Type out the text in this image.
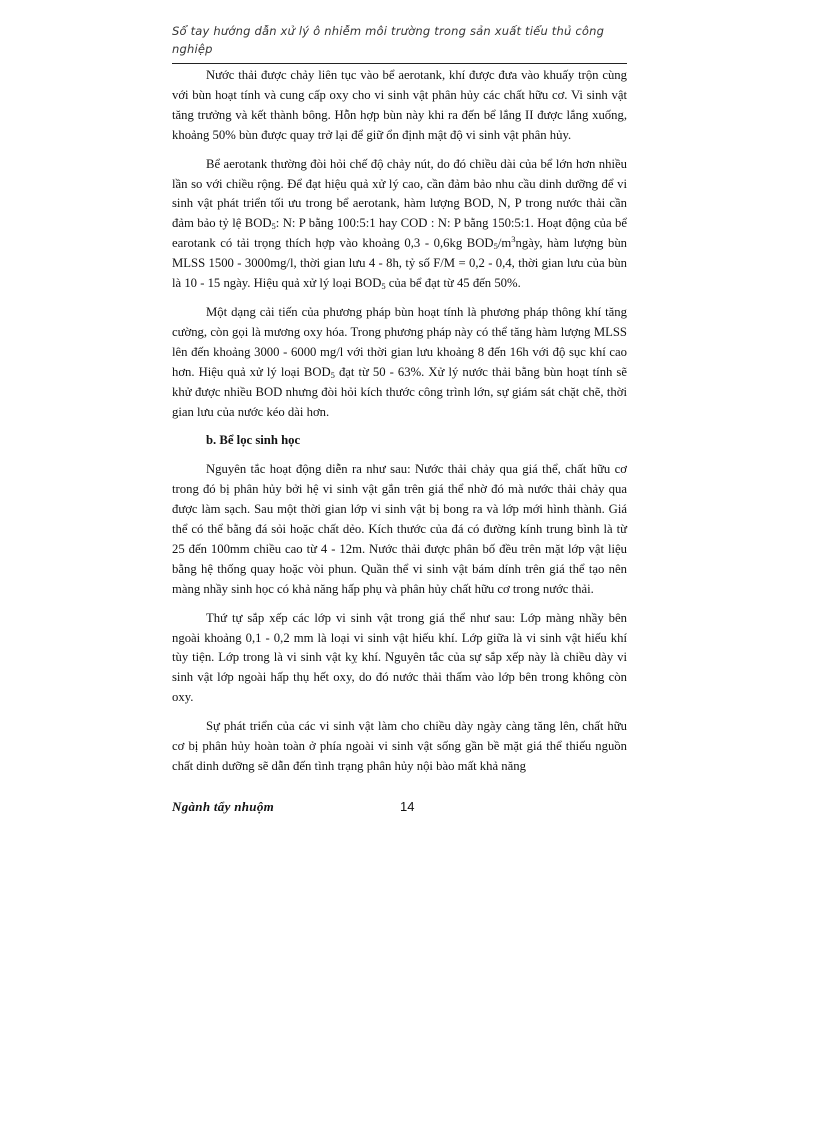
Sổ tay hướng dẫn xử lý ô nhiễm môi trường trong sản xuất tiểu thủ công nghiệp

Nước thải được chảy liên tục vào bể aerotank, khí được đưa vào khuấy trộn cùng với bùn hoạt tính và cung cấp oxy cho vi sinh vật phân hủy các chất hữu cơ. Vi sinh vật tăng trưởng và kết thành bông. Hỗn hợp bùn này khi ra đến bể lắng II được lắng xuống, khoảng 50% bùn được quay trở lại để giữ ổn định mật độ vi sinh vật phân hủy.

Bể aerotank thường đòi hỏi chế độ chảy nút, do đó chiều dài của bể lớn hơn nhiều lần so với chiều rộng. Để đạt hiệu quả xử lý cao, cần đảm bảo nhu cầu dinh dưỡng để vi sinh vật phát triển tối ưu trong bể aerotank, hàm lượng BOD, N, P trong nước thải cần đảm bảo tỷ lệ $BOD_5$: N: P bằng 100:5:1 hay COD : N: P bằng 150:5:1. Hoạt động của bể earotank có tải trọng thích hợp vào khoảng 0,3 - 0,6kg $BOD_5/m^3ngày$, hàm lượng bùn MLSS 1500 - 3000mg/l, thời gian lưu 4 - 8h, tỷ số F/M = 0,2 - 0,4, thời gian lưu của bùn là 10 - 15 ngày. Hiệu quả xử lý loại $BOD_5$ của bể đạt từ 45 đến 50%.

Một dạng cải tiến của phương pháp bùn hoạt tính là phương pháp thông khí tăng cường, còn gọi là mương oxy hóa. Trong phương pháp này có thể tăng hàm lượng MLSS lên đến khoảng 3000 - 6000 mg/l với thời gian lưu khoảng 8 đến 16h với độ sục khí cao hơn. Hiệu quả xử lý loại $BOD_5$ đạt từ 50 - 63%. Xử lý nước thải bằng bùn hoạt tính sẽ khử được nhiều BOD nhưng đòi hỏi kích thước công trình lớn, sự giám sát chặt chẽ, thời gian lưu của nước kéo dài hơn.

b. Bể lọc sinh học

Nguyên tắc hoạt động diễn ra như sau: Nước thải chảy qua giá thể, chất hữu cơ trong đó bị phân hủy bởi hệ vi sinh vật gắn trên giá thể nhờ đó mà nước thải chảy qua được làm sạch. Sau một thời gian lớp vi sinh vật bị bong ra và lớp mới hình thành. Giá thể có thể bằng đá sỏi hoặc chất dẻo. Kích thước của đá có đường kính trung bình là từ 25 đến 100mm chiều cao từ 4 - 12m. Nước thải được phân bố đều trên mặt lớp vật liệu bằng hệ thống quay hoặc vòi phun. Quần thể vi sinh vật bám dính trên giá thể tạo nên màng nhầy sinh học có khả năng hấp phụ và phân hủy chất hữu cơ trong nước thải.

Thứ tự sắp xếp các lớp vi sinh vật trong giá thể như sau: Lớp màng nhầy bên ngoài khoảng 0,1 - 0,2 mm là loại vi sinh vật hiếu khí. Lớp giữa là vi sinh vật hiếu khí tùy tiện. Lớp trong là vi sinh vật kỵ khí. Nguyên tắc của sự sắp xếp này là chiều dày vi sinh vật lớp ngoài hấp thụ hết oxy, do đó nước thải thấm vào lớp bên trong không còn oxy.

Sự phát triển của các vi sinh vật làm cho chiều dày ngày càng tăng lên, chất hữu cơ bị phân hủy hoàn toàn ở phía ngoài vi sinh vật sống gần bề mặt giá thể thiếu nguồn chất dinh dưỡng sẽ dẫn đến tình trạng phân hủy nội bào mất khả năng

Ngành tẩy nhuộm	14
